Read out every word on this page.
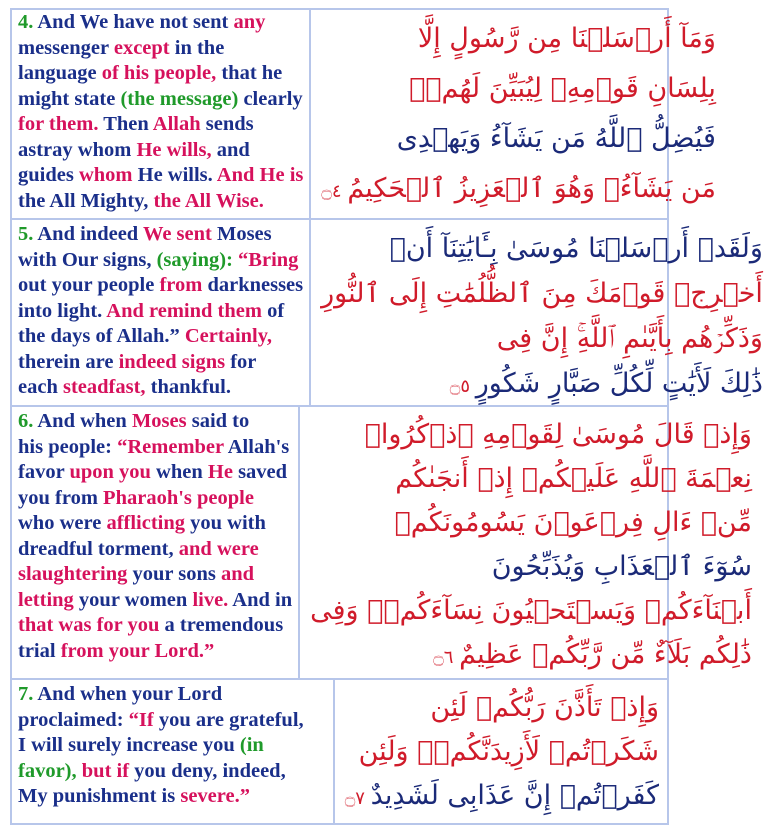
4. And We have not sent any
messenger except in the
language of his people, that he
might state (the message) clearly
for them. Then Allah sends
astray whom He wills, and
guides whom He wills. And He is
the All Mighty, the All Wise.
وَمَآ أَرۡسَلۡنَا مِن رَّسُولٍ إِلَّا
بِلِسَانِ قَوۡمِهِۦ لِيُبَيِّنَ لَهُمۡ‌ۖ
فَيُضِلُّ ٱللَّهُ مَن يَشَآءُ وَيَهۡدِى
مَن يَشَآءُ‌ۚ وَهُوَ ٱلۡعَزِيزُ ٱلۡحَكِيمُ ۝٤
5. And indeed We sent Moses
with Our signs, (saying): “Bring
out your people from darknesses
into light. And remind them of
the days of Allah.” Certainly,
therein are indeed signs for
each steadfast, thankful.
وَلَقَدۡ أَرۡسَلۡنَا مُوسَىٰ بِـَٔايَٰتِنَآ أَنۡ
أَخۡرِجۡ قَوۡمَكَ مِنَ ٱلظُّلُمَٰتِ إِلَى ٱلنُّورِ
وَذَكِّرۡهُم بِأَيَّىٰمِ ٱللَّهِ‌ۚ إِنَّ فِى
ذَٰلِكَ لَأَيَٰتٍ لِّكُلِّ صَبَّارٍ شَكُورٍ ۝٥
6. And when Moses said to
his people: “Remember Allah's
favor upon you when He saved
you from Pharaoh's people
who were afflicting you with
dreadful torment, and were
slaughtering your sons and
letting your women live. And in
that was for you a tremendous
trial from your Lord.”
وَإِذۡ قَالَ مُوسَىٰ لِقَوۡمِهِ ٱذۡكُرُوا۟
نِعۡمَةَ ٱللَّهِ عَلَيۡكُمۡ إِذۡ أَنجَىٰكُم
مِّنۡ ءَالِ فِرۡعَوۡنَ يَسُومُونَكُمۡ
سُوٓءَ ٱلۡعَذَابِ وَيُذَبِّحُونَ
أَبۡنَآءَكُمۡ وَيَسۡتَحۡيُونَ نِسَآءَكُمۡ‌ۚ وَفِى
ذَٰلِكُم بَلَآءٌ مِّن رَّبِّكُمۡ عَظِيمٌ ۝٦
7. And when your Lord
proclaimed: “If you are grateful,
I will surely increase you (in
favor), but if you deny, indeed,
My punishment is severe.”
وَإِذۡ تَأَذَّنَ رَبُّكُمۡ لَئِن
شَكَرۡتُمۡ لَأَزِيدَنَّكُمۡ‌ۖ وَلَئِن
كَفَرۡتُمۡ إِنَّ عَذَابِى لَشَدِيدٌ ۝٧
